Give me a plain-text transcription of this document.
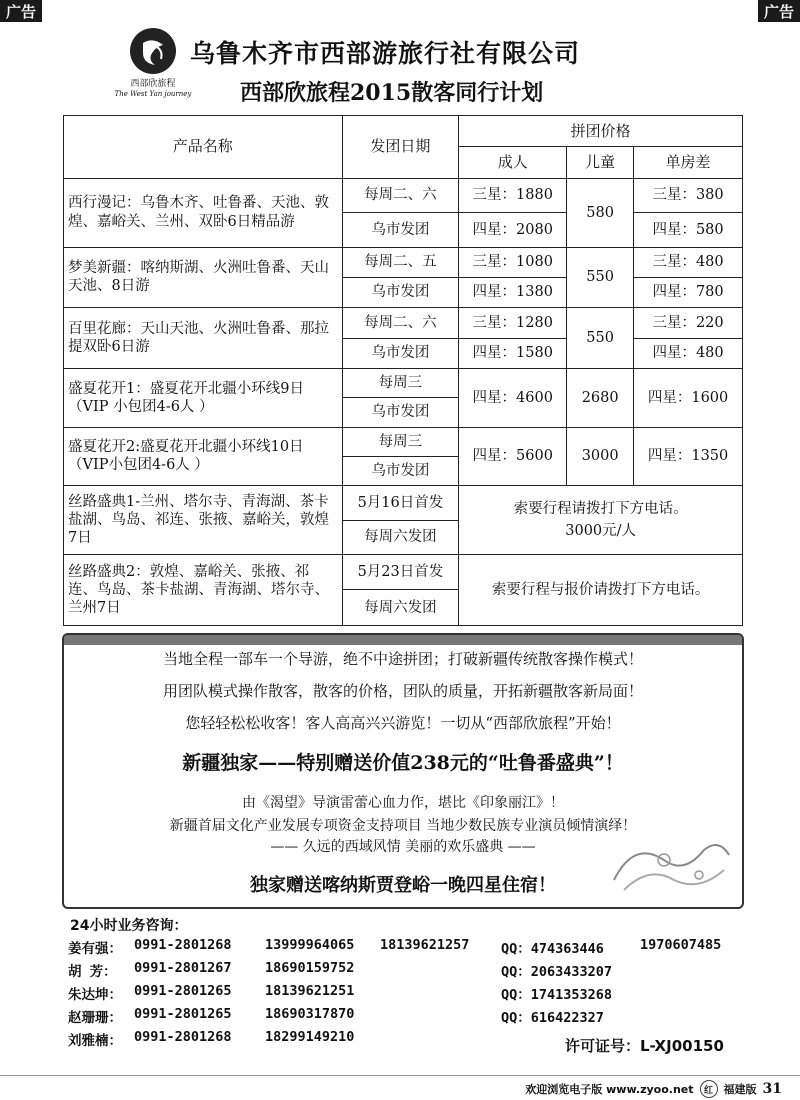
广告	广告
西部欣旅程
The West Yan journey
乌鲁木齐市西部游旅行社有限公司
西部欣旅程2015散客同行计划
产品名称	发团日期	拼团价格		
		成人	儿童	单房差
西行漫记：乌鲁木齐、吐鲁番、天池、敦煌、嘉峪关、兰州、双卧6日精品游	每周二、六	三星：1880	580	三星：380
	乌市发团	四星：2080		四星：580
梦美新疆：喀纳斯湖、火洲吐鲁番、天山天池、8日游	每周二、五	三星：1080	550	三星：480
	乌市发团	四星：1380		四星：780
百里花廊：天山天池、火洲吐鲁番、那拉提双卧6日游	每周二、六	三星：1280	550	三星：220
	乌市发团	四星：1580		四星：480
盛夏花开1：盛夏花开北疆小环线9日（VIP 小包团4-6人 ）	每周三	四星：4600	2680	四星：1600
	乌市发团			
盛夏花开2:盛夏花开北疆小环线10日（VIP小包团4-6人 ）	每周三	四星：5600	3000	四星：1350
	乌市发团			
丝路盛典1-兰州、塔尔寺、青海湖、茶卡盐湖、鸟岛、祁连、张掖、嘉峪关，敦煌7日	5月16日首发	索要行程请拨打下方电话。
3000元/人		

	每周六发团			
丝路盛典2：敦煌、嘉峪关、张掖、祁连、鸟岛、茶卡盐湖、青海湖、塔尔寺、兰州7日	5月23日首发	索要行程与报价请拨打下方电话。		
	每周六发团			
当地全程一部车一个导游，绝不中途拼团；打破新疆传统散客操作模式！
用团队模式操作散客，散客的价格，团队的质量，开拓新疆散客新局面！
您轻轻松松收客！客人高高兴兴游览！一切从“西部欣旅程”开始！
新疆独家——特别赠送价值238元的“吐鲁番盛典”！
由《渴望》导演雷蕾心血力作，堪比《印象丽江》！
新疆首届文化产业发展专项资金支持项目 当地少数民族专业演员倾情演绎！
—— 久远的西域风情 美丽的欢乐盛典 ——
独家赠送喀纳斯贾登峪一晚四星住宿！
24小时业务咨询：
姜有强： 0991-2801268 13999964065 18139621257 QQ：474363446	1970607485
胡 芳： 0991-2801267 18690159752	QQ：2063433207
朱达坤： 0991-2801265 18139621251	QQ：1741353268
赵珊珊： 0991-2801265 18690317870	QQ：616422327
刘雅楠： 0991-2801268 18299149210	许可证号：L-XJ00150
欢迎浏览电子版 www.zyoo.net	红 福建版 31
